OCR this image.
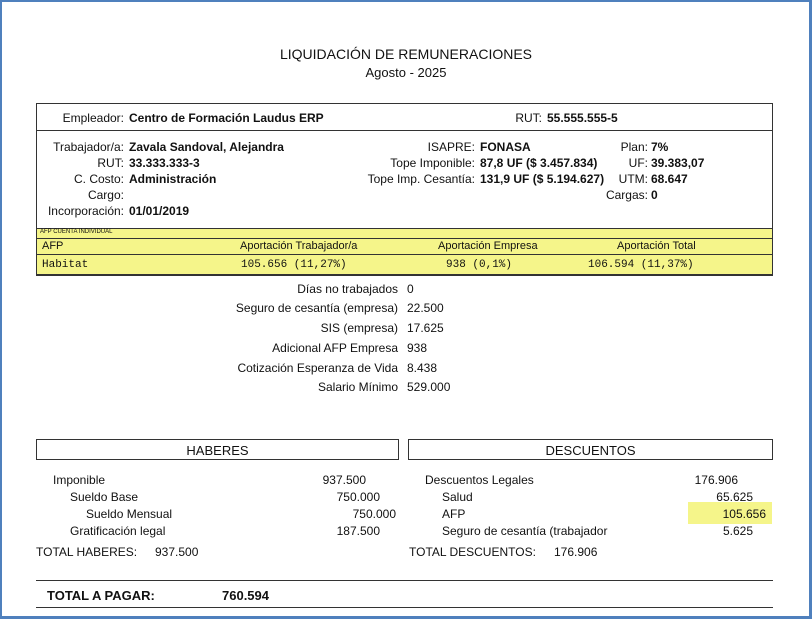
LIQUIDACIÓN DE REMUNERACIONES
Agosto - 2025
Empleador: Centro de Formación Laudus ERP	RUT: 55.555.555-5
Trabajador/a: Zavala Sandoval, Alejandra
RUT: 33.333.333-3
C. Costo: Administración
Cargo:
Incorporación: 01/01/2019
ISAPRE: FONASA
Tope Imponible: 87,8 UF ($ 3.457.834)
Tope Imp. Cesantía: 131,9 UF ($ 5.194.627)
Plan: 7%
UF: 39.383,07
UTM: 68.647
Cargas: 0
AFP CUENTA INDIVIDUAL
AFP	Aportación Trabajador/a	Aportación Empresa	Aportación Total
Habitat	105.656 (11,27%)	938 (0,1%)	106.594 (11,37%)
Días no trabajados 0
Seguro de cesantía (empresa) 22.500
SIS (empresa) 17.625
Adicional AFP Empresa 938
Cotización Esperanza de Vida 8.438
Salario Mínimo 529.000
HABERES
Imponible	937.500
Sueldo Base	750.000
Sueldo Mensual	750.000
Gratificación legal	187.500
TOTAL HABERES: 937.500
DESCUENTOS
Descuentos Legales	176.906
Salud	65.625
AFP	105.656
Seguro de cesantía (trabajador	5.625
TOTAL DESCUENTOS: 176.906
TOTAL A PAGAR:	760.594
